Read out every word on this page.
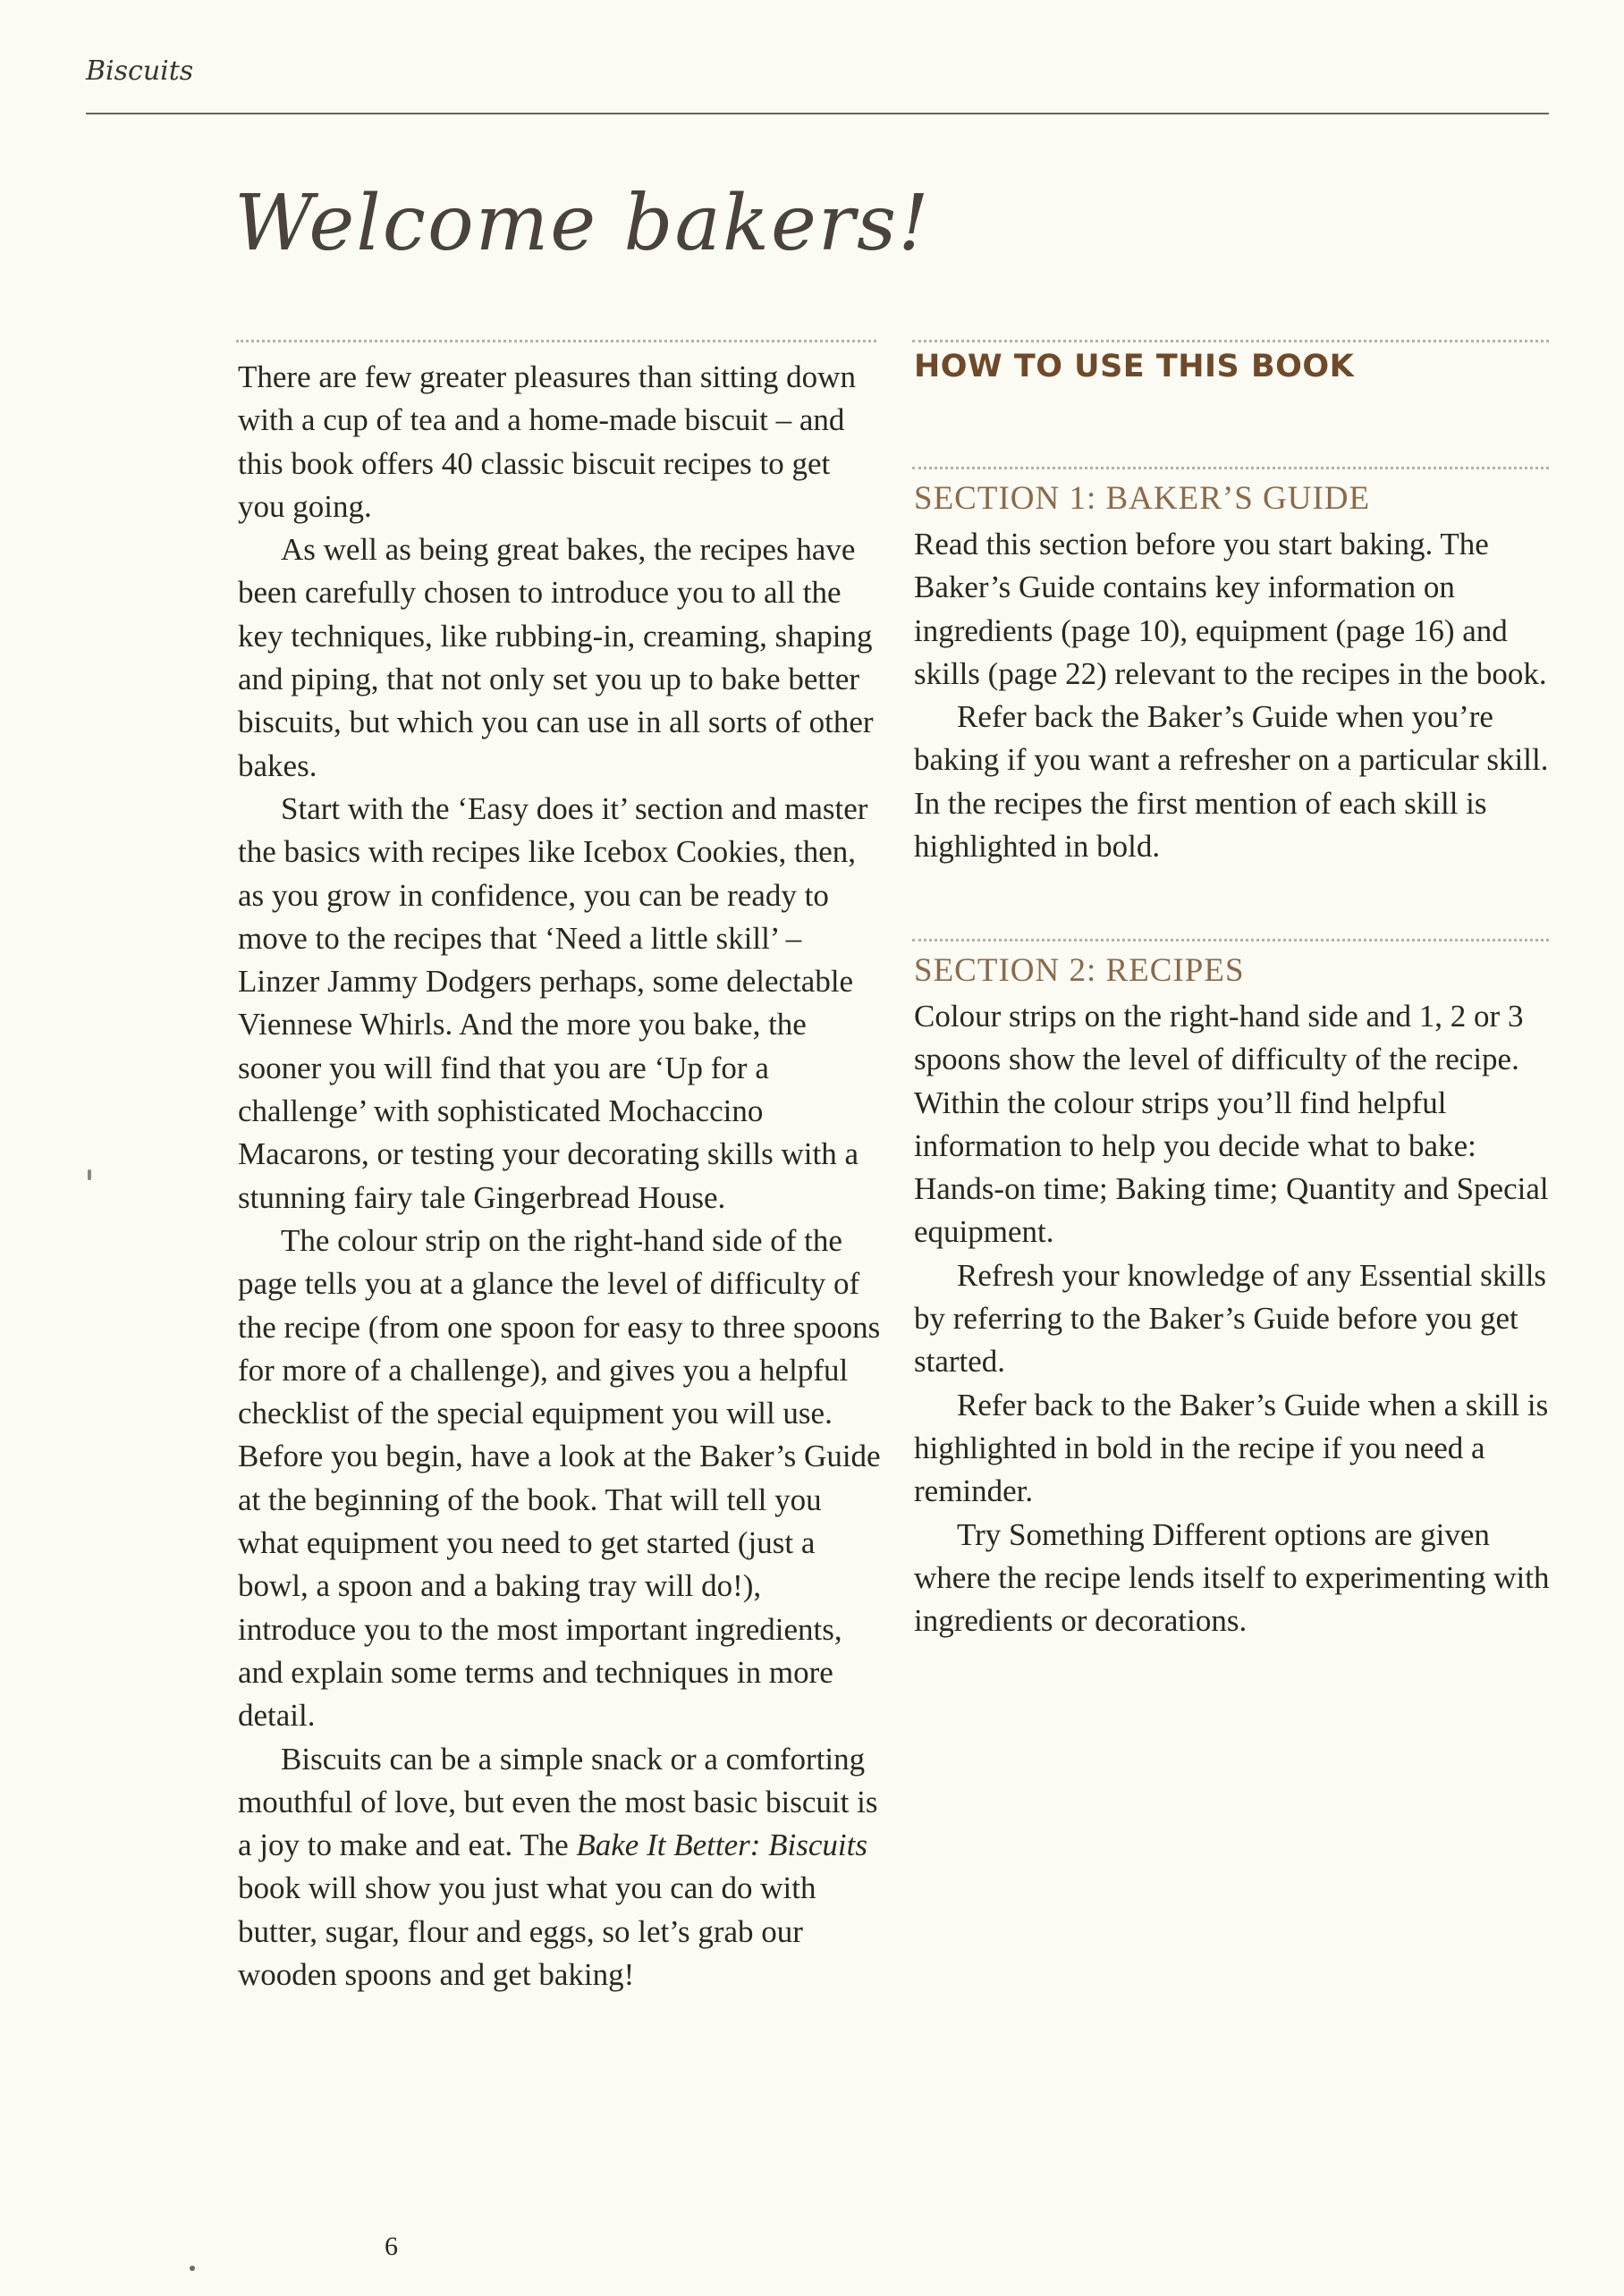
Biscuits
Welcome bakers!

There are few greater pleasures than sitting down with a cup of tea and a home-made biscuit – and this book offers 40 classic biscuit recipes to get you going.

As well as being great bakes, the recipes have been carefully chosen to introduce you to all the key techniques, like rubbing-in, creaming, shaping and piping, that not only set you up to bake better biscuits, but which you can use in all sorts of other bakes.

Start with the ‘Easy does it’ section and master the basics with recipes like Icebox Cookies, then, as you grow in confidence, you can be ready to move to the recipes that ‘Need a little skill’ – Linzer Jammy Dodgers perhaps, some delectable Viennese Whirls. And the more you bake, the sooner you will find that you are ‘Up for a challenge’ with sophisticated Mochaccino Macarons, or testing your decorating skills with a stunning fairy tale Gingerbread House.

The colour strip on the right-hand side of the page tells you at a glance the level of difficulty of the recipe (from one spoon for easy to three spoons for more of a challenge), and gives you a helpful checklist of the special equipment you will use. Before you begin, have a look at the Baker’s Guide at the beginning of the book. That will tell you what equipment you need to get started (just a bowl, a spoon and a baking tray will do!), introduce you to the most important ingredients, and explain some terms and techniques in more detail.

Biscuits can be a simple snack or a comforting mouthful of love, but even the most basic biscuit is a joy to make and eat. The Bake It Better: Biscuits book will show you just what you can do with butter, sugar, flour and eggs, so let’s grab our wooden spoons and get baking!

HOW TO USE THIS BOOK
SECTION 1: BAKER’S GUIDE

Read this section before you start baking. The Baker’s Guide contains key information on ingredients (page 10), equipment (page 16) and skills (page 22) relevant to the recipes in the book.

Refer back the Baker’s Guide when you’re baking if you want a refresher on a particular skill. In the recipes the first mention of each skill is highlighted in bold.

SECTION 2: RECIPES

Colour strips on the right-hand side and 1, 2 or 3 spoons show the level of difficulty of the recipe. Within the colour strips you’ll find helpful information to help you decide what to bake: Hands-on time; Baking time; Quantity and Special equipment.

Refresh your knowledge of any Essential skills by referring to the Baker’s Guide before you get started.

Refer back to the Baker’s Guide when a skill is highlighted in bold in the recipe if you need a reminder.

Try Something Different options are given where the recipe lends itself to experimenting with ingredients or decorations.

6
